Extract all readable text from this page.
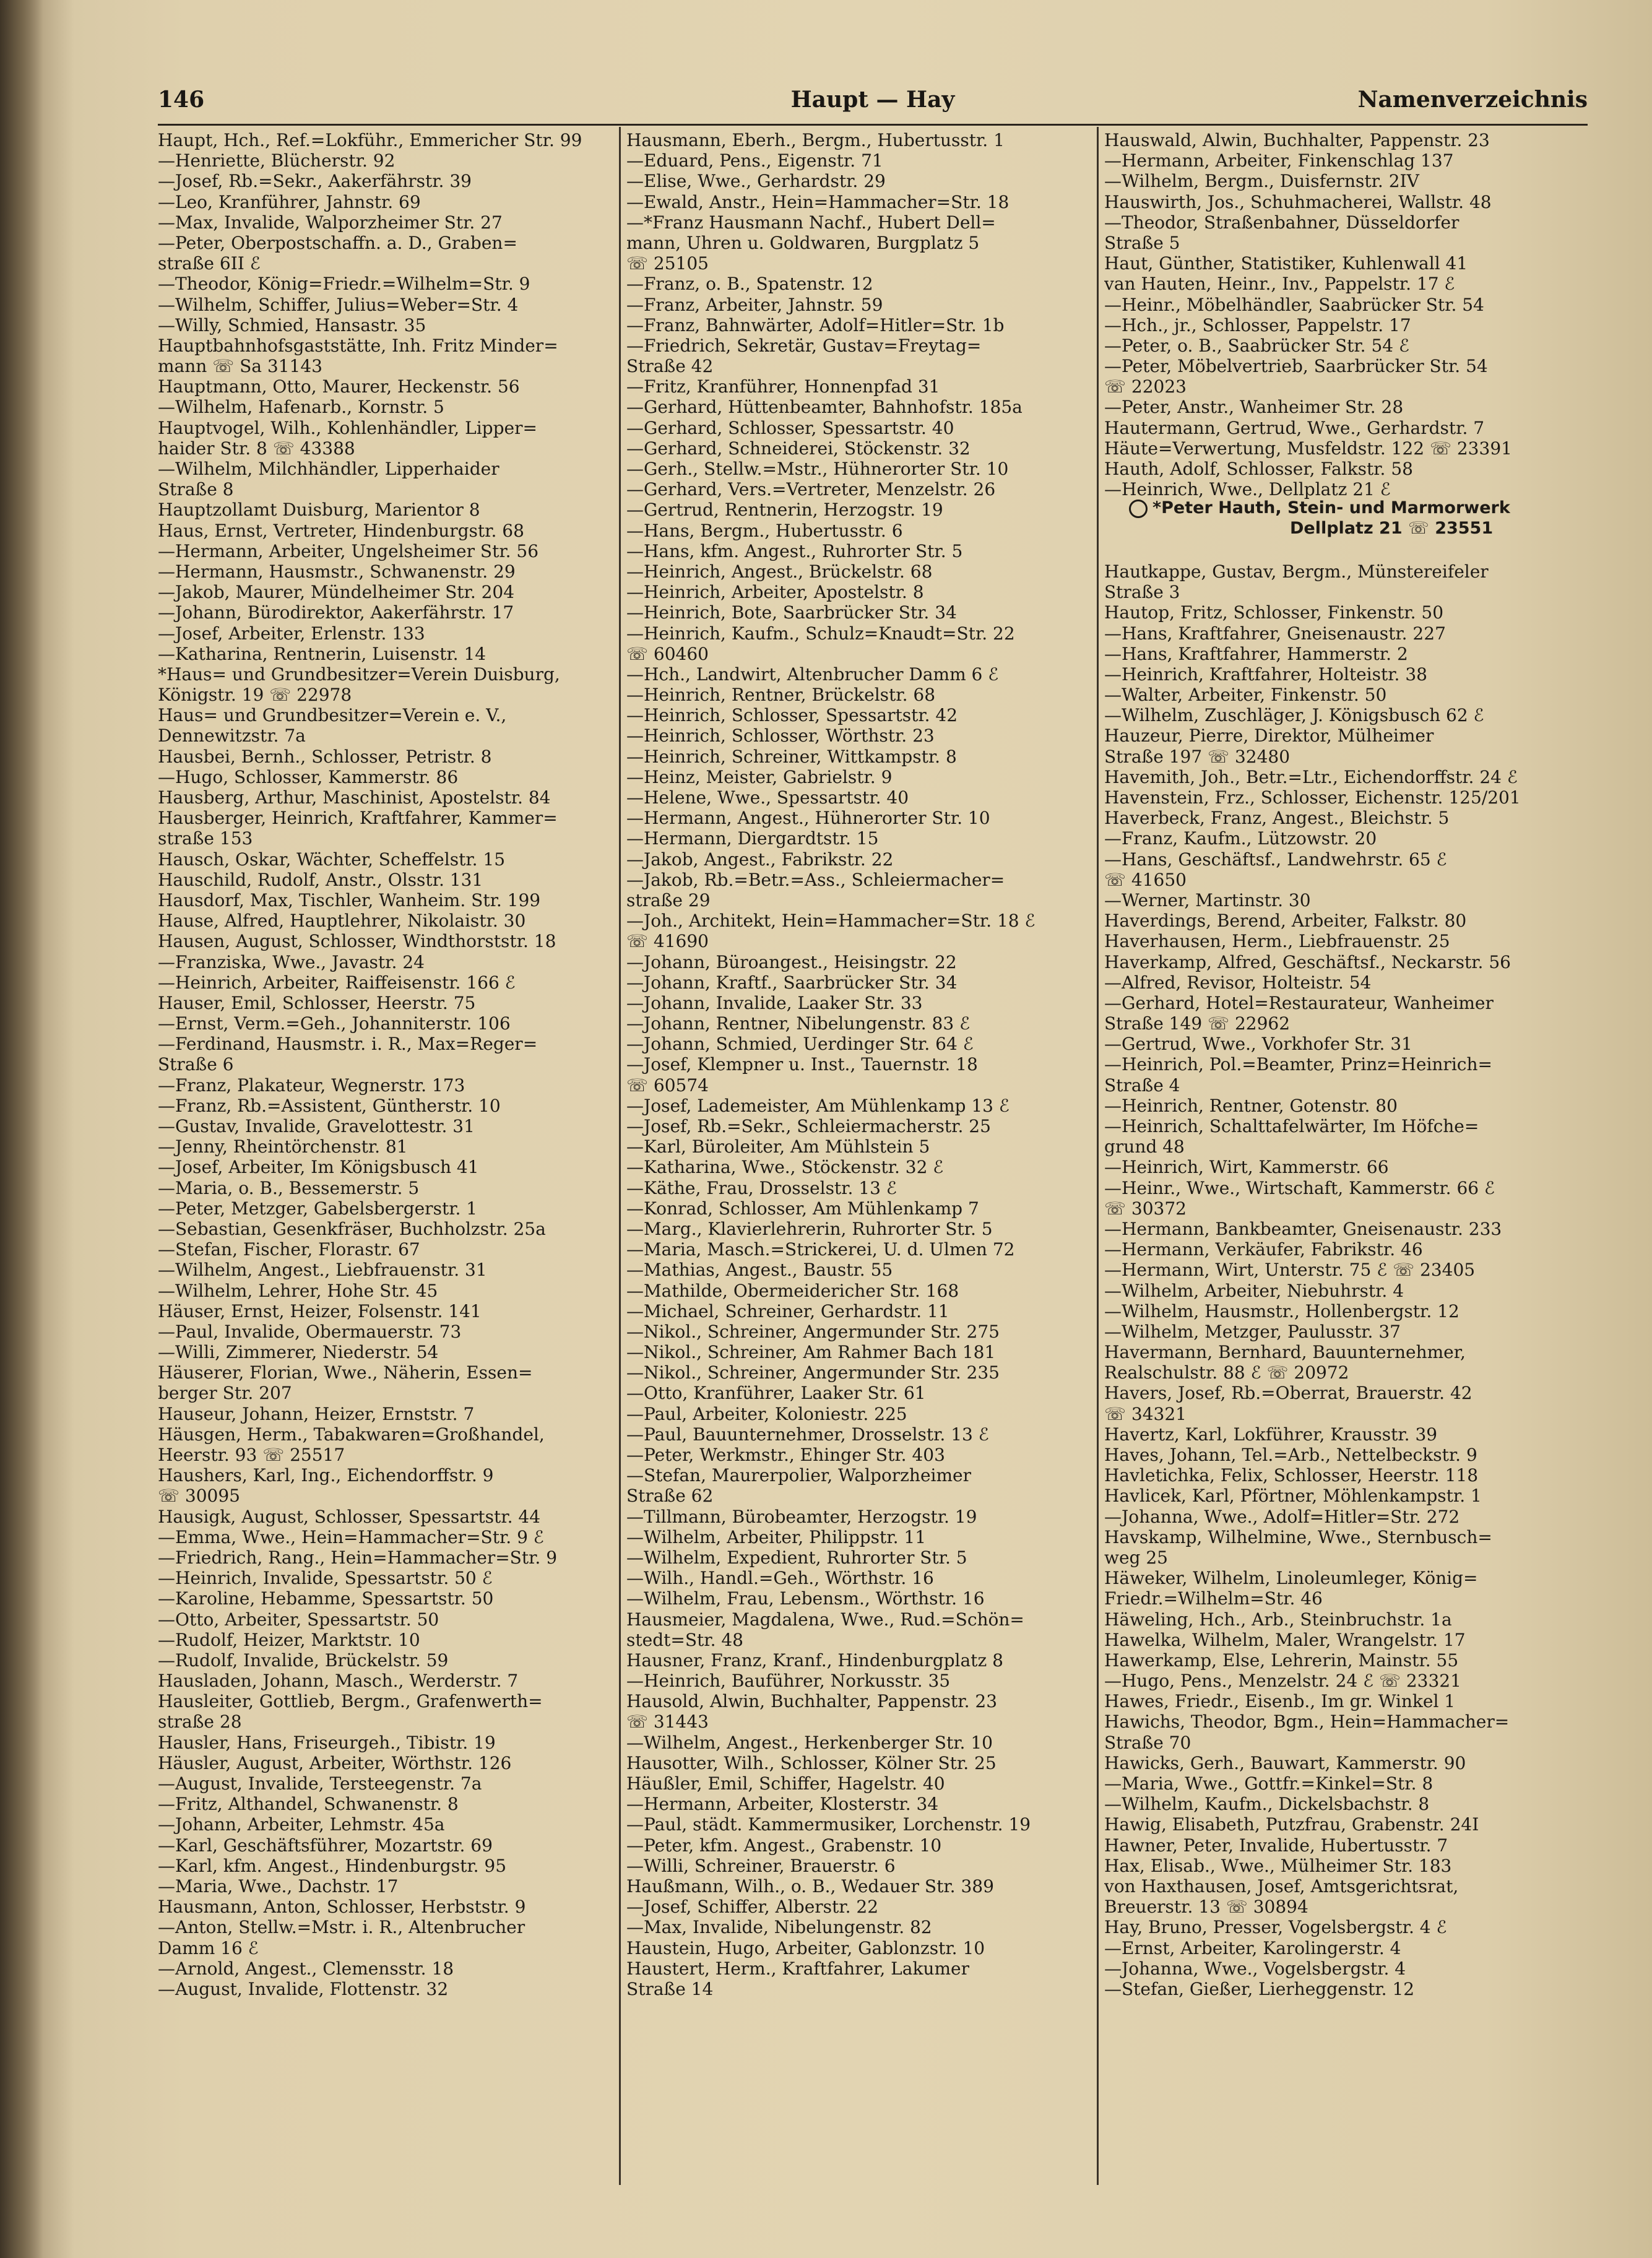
146	Haupt — Hay	Namenverzeichnis
Haupt, Hch., Ref.=Lokführ., Emmericher Str. 99
—Henriette, Blücherstr. 92
—Josef, Rb.=Sekr., Aakerfährstr. 39
—Leo, Kranführer, Jahnstr. 69
—Max, Invalide, Walporzheimer Str. 27
—Peter, Oberpostschaffn. a. D., Graben=
straße 6II ℰ
—Theodor, König=Friedr.=Wilhelm=Str. 9
—Wilhelm, Schiffer, Julius=Weber=Str. 4
—Willy, Schmied, Hansastr. 35
Hauptbahnhofsgaststätte, Inh. Fritz Minder=
mann ☏ Sa 31143
Hauptmann, Otto, Maurer, Heckenstr. 56
—Wilhelm, Hafenarb., Kornstr. 5
Hauptvogel, Wilh., Kohlenhändler, Lipper=
haider Str. 8 ☏ 43388
—Wilhelm, Milchhändler, Lipperhaider
Straße 8
Hauptzollamt Duisburg, Marientor 8
Haus, Ernst, Vertreter, Hindenburgstr. 68
—Hermann, Arbeiter, Ungelsheimer Str. 56
—Hermann, Hausmstr., Schwanenstr. 29
—Jakob, Maurer, Mündelheimer Str. 204
—Johann, Bürodirektor, Aakerfährstr. 17
—Josef, Arbeiter, Erlenstr. 133
—Katharina, Rentnerin, Luisenstr. 14
*Haus= und Grundbesitzer=Verein Duisburg,
Königstr. 19 ☏ 22978
Haus= und Grundbesitzer=Verein e. V.,
Dennewitzstr. 7a
Hausbei, Bernh., Schlosser, Petristr. 8
—Hugo, Schlosser, Kammerstr. 86
Hausberg, Arthur, Maschinist, Apostelstr. 84
Hausberger, Heinrich, Kraftfahrer, Kammer=
straße 153
Hausch, Oskar, Wächter, Scheffelstr. 15
Hauschild, Rudolf, Anstr., Olsstr. 131
Hausdorf, Max, Tischler, Wanheim. Str. 199
Hause, Alfred, Hauptlehrer, Nikolaistr. 30
Hausen, August, Schlosser, Windthorststr. 18
—Franziska, Wwe., Javastr. 24
—Heinrich, Arbeiter, Raiffeisenstr. 166 ℰ
Hauser, Emil, Schlosser, Heerstr. 75
—Ernst, Verm.=Geh., Johanniterstr. 106
—Ferdinand, Hausmstr. i. R., Max=Reger=
Straße 6
—Franz, Plakateur, Wegnerstr. 173
—Franz, Rb.=Assistent, Güntherstr. 10
—Gustav, Invalide, Gravelottestr. 31
—Jenny, Rheintörchenstr. 81
—Josef, Arbeiter, Im Königsbusch 41
—Maria, o. B., Bessemerstr. 5
—Peter, Metzger, Gabelsbergerstr. 1
—Sebastian, Gesenkfräser, Buchholzstr. 25a
—Stefan, Fischer, Florastr. 67
—Wilhelm, Angest., Liebfrauenstr. 31
—Wilhelm, Lehrer, Hohe Str. 45
Häuser, Ernst, Heizer, Folsenstr. 141
—Paul, Invalide, Obermauerstr. 73
—Willi, Zimmerer, Niederstr. 54
Häuserer, Florian, Wwe., Näherin, Essen=
berger Str. 207
Hauseur, Johann, Heizer, Ernststr. 7
Häusgen, Herm., Tabakwaren=Großhandel,
Heerstr. 93 ☏ 25517
Haushers, Karl, Ing., Eichendorffstr. 9
☏ 30095
Hausigk, August, Schlosser, Spessartstr. 44
—Emma, Wwe., Hein=Hammacher=Str. 9 ℰ
—Friedrich, Rang., Hein=Hammacher=Str. 9
—Heinrich, Invalide, Spessartstr. 50 ℰ
—Karoline, Hebamme, Spessartstr. 50
—Otto, Arbeiter, Spessartstr. 50
—Rudolf, Heizer, Marktstr. 10
—Rudolf, Invalide, Brückelstr. 59
Hausladen, Johann, Masch., Werderstr. 7
Hausleiter, Gottlieb, Bergm., Grafenwerth=
straße 28
Hausler, Hans, Friseurgeh., Tibistr. 19
Häusler, August, Arbeiter, Wörthstr. 126
—August, Invalide, Tersteegenstr. 7a
—Fritz, Althandel, Schwanenstr. 8
—Johann, Arbeiter, Lehmstr. 45a
—Karl, Geschäftsführer, Mozartstr. 69
—Karl, kfm. Angest., Hindenburgstr. 95
—Maria, Wwe., Dachstr. 17
Hausmann, Anton, Schlosser, Herbststr. 9
—Anton, Stellw.=Mstr. i. R., Altenbrucher
Damm 16 ℰ
—Arnold, Angest., Clemensstr. 18
—August, Invalide, Flottenstr. 32
Hausmann, Eberh., Bergm., Hubertusstr. 1
—Eduard, Pens., Eigenstr. 71
—Elise, Wwe., Gerhardstr. 29
—Ewald, Anstr., Hein=Hammacher=Str. 18
—*Franz Hausmann Nachf., Hubert Dell=
mann, Uhren u. Goldwaren, Burgplatz 5
☏ 25105
—Franz, o. B., Spatenstr. 12
—Franz, Arbeiter, Jahnstr. 59
—Franz, Bahnwärter, Adolf=Hitler=Str. 1b
—Friedrich, Sekretär, Gustav=Freytag=
Straße 42
—Fritz, Kranführer, Honnenpfad 31
—Gerhard, Hüttenbeamter, Bahnhofstr. 185a
—Gerhard, Schlosser, Spessartstr. 40
—Gerhard, Schneiderei, Stöckenstr. 32
—Gerh., Stellw.=Mstr., Hühnerorter Str. 10
—Gerhard, Vers.=Vertreter, Menzelstr. 26
—Gertrud, Rentnerin, Herzogstr. 19
—Hans, Bergm., Hubertusstr. 6
—Hans, kfm. Angest., Ruhrorter Str. 5
—Heinrich, Angest., Brückelstr. 68
—Heinrich, Arbeiter, Apostelstr. 8
—Heinrich, Bote, Saarbrücker Str. 34
—Heinrich, Kaufm., Schulz=Knaudt=Str. 22
☏ 60460
—Hch., Landwirt, Altenbrucher Damm 6 ℰ
—Heinrich, Rentner, Brückelstr. 68
—Heinrich, Schlosser, Spessartstr. 42
—Heinrich, Schlosser, Wörthstr. 23
—Heinrich, Schreiner, Wittkampstr. 8
—Heinz, Meister, Gabrielstr. 9
—Helene, Wwe., Spessartstr. 40
—Hermann, Angest., Hühnerorter Str. 10
—Hermann, Diergardtstr. 15
—Jakob, Angest., Fabrikstr. 22
—Jakob, Rb.=Betr.=Ass., Schleiermacher=
straße 29
—Joh., Architekt, Hein=Hammacher=Str. 18 ℰ
☏ 41690
—Johann, Büroangest., Heisingstr. 22
—Johann, Kraftf., Saarbrücker Str. 34
—Johann, Invalide, Laaker Str. 33
—Johann, Rentner, Nibelungenstr. 83 ℰ
—Johann, Schmied, Uerdinger Str. 64 ℰ
—Josef, Klempner u. Inst., Tauernstr. 18
☏ 60574
—Josef, Lademeister, Am Mühlenkamp 13 ℰ
—Josef, Rb.=Sekr., Schleiermacherstr. 25
—Karl, Büroleiter, Am Mühlstein 5
—Katharina, Wwe., Stöckenstr. 32 ℰ
—Käthe, Frau, Drosselstr. 13 ℰ
—Konrad, Schlosser, Am Mühlenkamp 7
—Marg., Klavierlehrerin, Ruhrorter Str. 5
—Maria, Masch.=Strickerei, U. d. Ulmen 72
—Mathias, Angest., Baustr. 55
—Mathilde, Obermeidericher Str. 168
—Michael, Schreiner, Gerhardstr. 11
—Nikol., Schreiner, Angermunder Str. 275
—Nikol., Schreiner, Am Rahmer Bach 181
—Nikol., Schreiner, Angermunder Str. 235
—Otto, Kranführer, Laaker Str. 61
—Paul, Arbeiter, Koloniestr. 225
—Paul, Bauunternehmer, Drosselstr. 13 ℰ
—Peter, Werkmstr., Ehinger Str. 403
—Stefan, Maurerpolier, Walporzheimer
Straße 62
—Tillmann, Bürobeamter, Herzogstr. 19
—Wilhelm, Arbeiter, Philippstr. 11
—Wilhelm, Expedient, Ruhrorter Str. 5
—Wilh., Handl.=Geh., Wörthstr. 16
—Wilhelm, Frau, Lebensm., Wörthstr. 16
Hausmeier, Magdalena, Wwe., Rud.=Schön=
stedt=Str. 48
Hausner, Franz, Kranf., Hindenburgplatz 8
—Heinrich, Bauführer, Norkusstr. 35
Hausold, Alwin, Buchhalter, Pappenstr. 23
☏ 31443
—Wilhelm, Angest., Herkenberger Str. 10
Hausotter, Wilh., Schlosser, Kölner Str. 25
Häußler, Emil, Schiffer, Hagelstr. 40
—Hermann, Arbeiter, Klosterstr. 34
—Paul, städt. Kammermusiker, Lorchenstr. 19
—Peter, kfm. Angest., Grabenstr. 10
—Willi, Schreiner, Brauerstr. 6
Haußmann, Wilh., o. B., Wedauer Str. 389
—Josef, Schiffer, Alberstr. 22
—Max, Invalide, Nibelungenstr. 82
Haustein, Hugo, Arbeiter, Gablonzstr. 10
Haustert, Herm., Kraftfahrer, Lakumer
Straße 14
Hauswald, Alwin, Buchhalter, Pappenstr. 23
—Hermann, Arbeiter, Finkenschlag 137
—Wilhelm, Bergm., Duisfernstr. 2IV
Hauswirth, Jos., Schuhmacherei, Wallstr. 48
—Theodor, Straßenbahner, Düsseldorfer
Straße 5
Haut, Günther, Statistiker, Kuhlenwall 41
van Hauten, Heinr., Inv., Pappelstr. 17 ℰ
—Heinr., Möbelhändler, Saabrücker Str. 54
—Hch., jr., Schlosser, Pappelstr. 17
—Peter, o. B., Saabrücker Str. 54 ℰ
—Peter, Möbelvertrieb, Saarbrücker Str. 54
☏ 22023
—Peter, Anstr., Wanheimer Str. 28
Hautermann, Gertrud, Wwe., Gerhardstr. 7
Häute=Verwertung, Musfeldstr. 122 ☏ 23391
Hauth, Adolf, Schlosser, Falkstr. 58
—Heinrich, Wwe., Dellplatz 21 ℰ
Hautkappe, Gustav, Bergm., Münstereifeler
Straße 3
Hautop, Fritz, Schlosser, Finkenstr. 50
—Hans, Kraftfahrer, Gneisenaustr. 227
—Hans, Kraftfahrer, Hammerstr. 2
—Heinrich, Kraftfahrer, Holteistr. 38
—Walter, Arbeiter, Finkenstr. 50
—Wilhelm, Zuschläger, J. Königsbusch 62 ℰ
Hauzeur, Pierre, Direktor, Mülheimer
Straße 197 ☏ 32480
Havemith, Joh., Betr.=Ltr., Eichendorffstr. 24 ℰ
Havenstein, Frz., Schlosser, Eichenstr. 125/201
Haverbeck, Franz, Angest., Bleichstr. 5
—Franz, Kaufm., Lützowstr. 20
—Hans, Geschäftsf., Landwehrstr. 65 ℰ
☏ 41650
—Werner, Martinstr. 30
Haverdings, Berend, Arbeiter, Falkstr. 80
Haverhausen, Herm., Liebfrauenstr. 25
Haverkamp, Alfred, Geschäftsf., Neckarstr. 56
—Alfred, Revisor, Holteistr. 54
—Gerhard, Hotel=Restaurateur, Wanheimer
Straße 149 ☏ 22962
—Gertrud, Wwe., Vorkhofer Str. 31
—Heinrich, Pol.=Beamter, Prinz=Heinrich=
Straße 4
—Heinrich, Rentner, Gotenstr. 80
—Heinrich, Schalttafelwärter, Im Höfche=
grund 48
—Heinrich, Wirt, Kammerstr. 66
—Heinr., Wwe., Wirtschaft, Kammerstr. 66 ℰ
☏ 30372
—Hermann, Bankbeamter, Gneisenaustr. 233
—Hermann, Verkäufer, Fabrikstr. 46
—Hermann, Wirt, Unterstr. 75 ℰ ☏ 23405
—Wilhelm, Arbeiter, Niebuhrstr. 4
—Wilhelm, Hausmstr., Hollenbergstr. 12
—Wilhelm, Metzger, Paulusstr. 37
Havermann, Bernhard, Bauunternehmer,
Realschulstr. 88 ℰ ☏ 20972
Havers, Josef, Rb.=Oberrat, Brauerstr. 42
☏ 34321
Havertz, Karl, Lokführer, Krausstr. 39
Haves, Johann, Tel.=Arb., Nettelbeckstr. 9
Havletichka, Felix, Schlosser, Heerstr. 118
Havlicek, Karl, Pförtner, Möhlenkampstr. 1
—Johanna, Wwe., Adolf=Hitler=Str. 272
Havskamp, Wilhelmine, Wwe., Sternbusch=
weg 25
Häweker, Wilhelm, Linoleumleger, König=
Friedr.=Wilhelm=Str. 46
Häweling, Hch., Arb., Steinbruchstr. 1a
Hawelka, Wilhelm, Maler, Wrangelstr. 17
Hawerkamp, Else, Lehrerin, Mainstr. 55
—Hugo, Pens., Menzelstr. 24 ℰ ☏ 23321
Hawes, Friedr., Eisenb., Im gr. Winkel 1
Hawichs, Theodor, Bgm., Hein=Hammacher=
Straße 70
Hawicks, Gerh., Bauwart, Kammerstr. 90
—Maria, Wwe., Gottfr.=Kinkel=Str. 8
—Wilhelm, Kaufm., Dickelsbachstr. 8
Hawig, Elisabeth, Putzfrau, Grabenstr. 24I
Hawner, Peter, Invalide, Hubertusstr. 7
Hax, Elisab., Wwe., Mülheimer Str. 183
von Haxthausen, Josef, Amtsgerichtsrat,
Breuerstr. 13 ☏ 30894
Hay, Bruno, Presser, Vogelsbergstr. 4 ℰ
—Ernst, Arbeiter, Karolingerstr. 4
—Johanna, Wwe., Vogelsbergstr. 4
—Stefan, Gießer, Lierheggenstr. 12
*Peter Hauth, Stein- und Marmorwerk
Dellplatz 21 ☏ 23551
